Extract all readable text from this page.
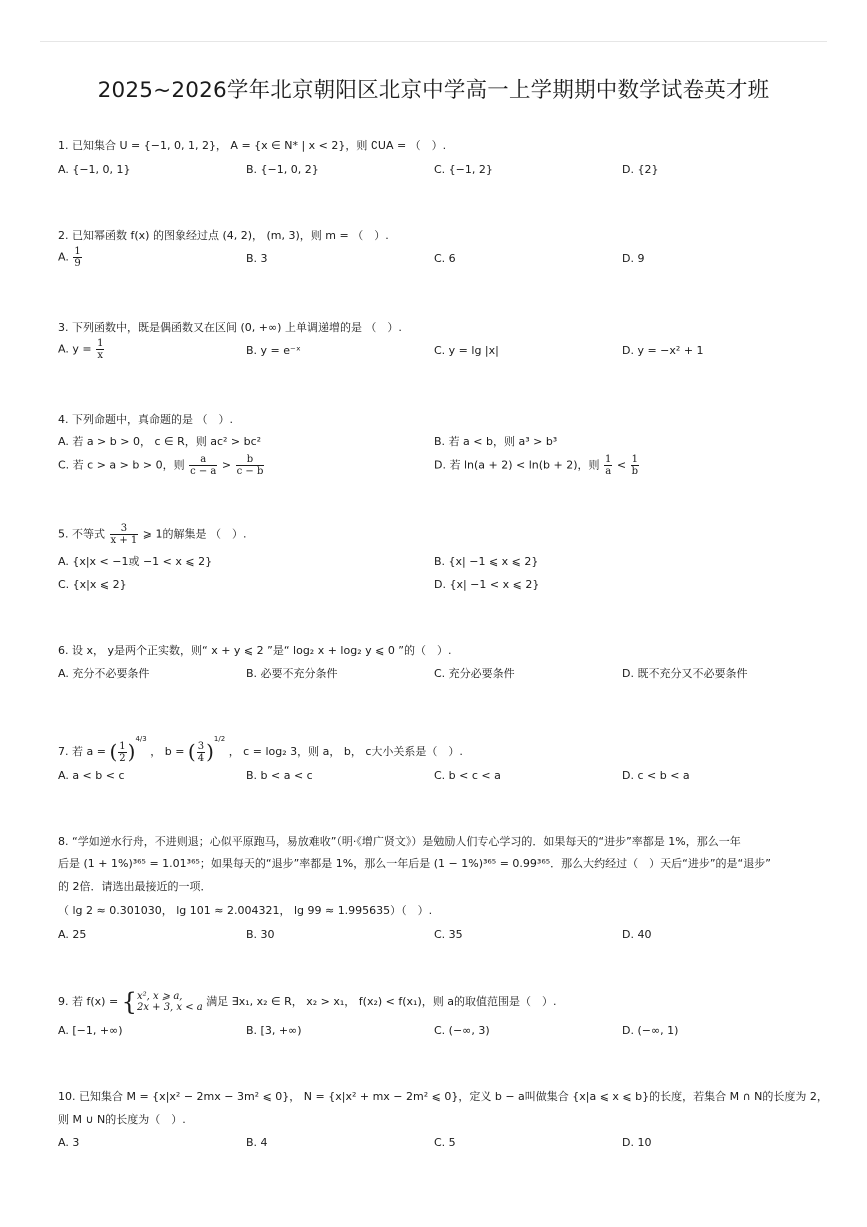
2025~2026学年北京朝阳区北京中学高一上学期期中数学试卷英才班
1. 已知集合 U = {−1, 0, 1, 2}， A = {x ∈ N* | x < 2}，则 ∁UA = （　）.
A. {−1, 0, 1}	B. {−1, 0, 2}	C. {−1, 2}	D. {2}
2. 已知幂函数 f(x) 的图象经过点 (4, 2)， (m, 3)，则 m = （　）.
A. $\frac{1}{9}$	B. 3	C. 6	D. 9
3. 下列函数中，既是偶函数又在区间 (0, +∞) 上单调递增的是 （　）.
A. $y = \frac{1}{x}$	B. y = e⁻ˣ	C. y = lg |x|	D. y = −x² + 1
4. 下列命题中，真命题的是 （　）.
A. 若 a > b > 0， c ∈ R，则 ac² > bc²	B. 若 a < b，则 a³ > b³
C. 若 c > a > b > 0，则 $\frac{a}{c - a} > \frac{b}{c - b}$	D. 若 ln(a + 2) < ln(b + 2)，则 $\frac{1}{a} < \frac{1}{b}$
5. 不等式 $\frac{3}{x + 1}$ ⩾ 1的解集是 （　）.
A. {x|x < −1或 −1 < x ⩽ 2}	B. {x| −1 ⩽ x ⩽ 2}
C. {x|x ⩽ 2}	D. {x| −1 < x ⩽ 2}
6. 设 x， y是两个正实数，则“ x + y ⩽ 2 ”是“ log₂ x + log₂ y ⩽ 0 ”的（　）.
A. 充分不必要条件	B. 必要不充分条件	C. 充分必要条件	D. 既不充分又不必要条件
7. 若 a = ( $\frac{1}{2} )^{4/3}$ ， b = ( $\frac{3}{4} )^{1/2}$ ， c = log₂ 3，则 a， b， c大小关系是（　）.
A. a < b < c	B. b < a < c	C. b < c < a	D. c < b < a
8. “学如逆水行舟，不进则退；心似平原跑马，易放难收”（明·《增广贤文》）是勉励人们专心学习的．如果每天的“进步”率都是 1%，那么一年
后是 (1 + 1%)³⁶⁵ = 1.01³⁶⁵；如果每天的“退步”率都是 1%，那么一年后是 (1 − 1%)³⁶⁵ = 0.99³⁶⁵．那么大约经过（　）天后“进步”的是“退步”
的 2倍．请选出最接近的一项．
（ lg 2 ≈ 0.301030， lg 101 ≈ 2.004321， lg 99 ≈ 1.995635）（　）.
A. 25	B. 30	C. 35	D. 40
9. 若 f(x) = { x², x ⩾ a,
2x + 3, x < a 满足 ∃x₁, x₂ ∈ R， x₂ > x₁， f(x₂) < f(x₁)，则 a的取值范围是（　）.
A. [−1, +∞)	B. [3, +∞)	C. (−∞, 3)	D. (−∞, 1)
10. 已知集合 M = {x|x² − 2mx − 3m² ⩽ 0}， N = {x|x² + mx − 2m² ⩽ 0}，定义 b − a叫做集合 {x|a ⩽ x ⩽ b}的长度，若集合 M ∩ N的长度为 2，
则 M ∪ N的长度为（　）.
A. 3	B. 4	C. 5	D. 10
